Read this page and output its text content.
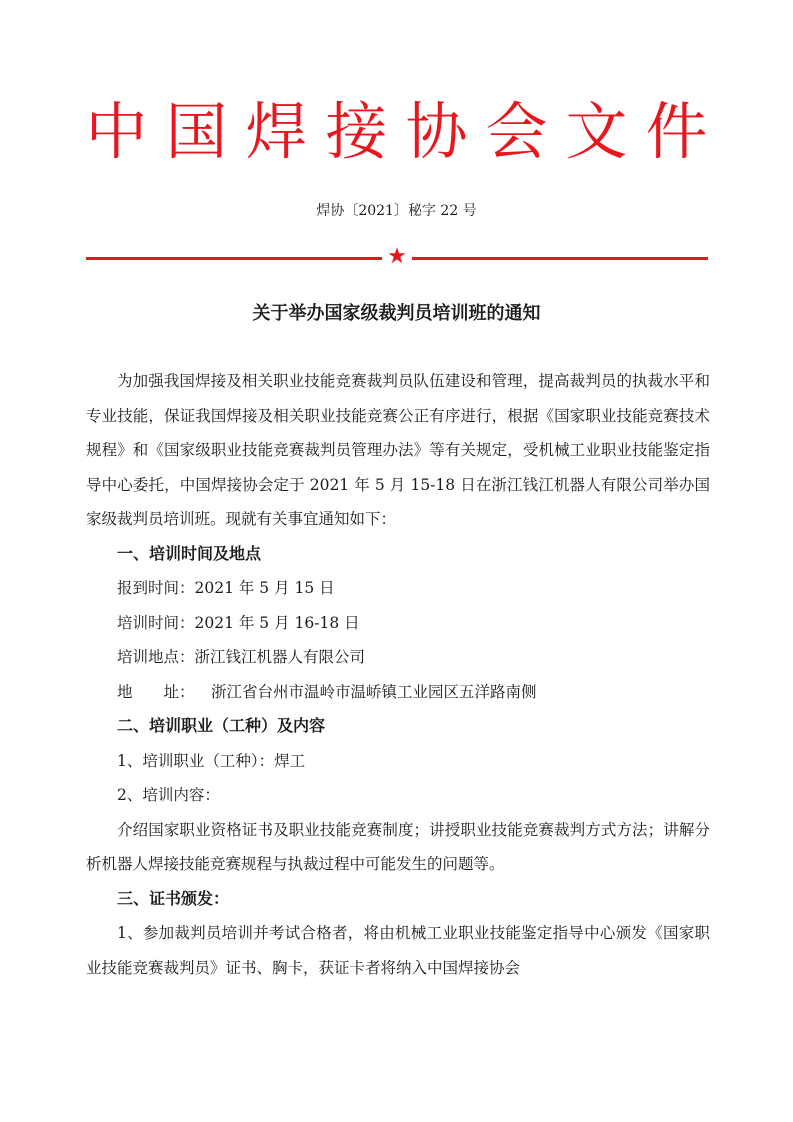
中国焊接协会文件
焊协〔2021〕秘字 22 号
★
关于举办国家级裁判员培训班的通知

为加强我国焊接及相关职业技能竞赛裁判员队伍建设和管理，提高裁判员的执裁水平和专业技能，保证我国焊接及相关职业技能竞赛公正有序进行，根据《国家职业技能竞赛技术规程》和《国家级职业技能竞赛裁判员管理办法》等有关规定，受机械工业职业技能鉴定指导中心委托，中国焊接协会定于 2021 年 5 月 15-18 日在浙江钱江机器人有限公司举办国家级裁判员培训班。现就有关事宜通知如下：

一、培训时间及地点

报到时间：2021 年 5 月 15 日

培训时间：2021 年 5 月 16-18 日

培训地点：浙江钱江机器人有限公司

地　　址： 浙江省台州市温岭市温峤镇工业园区五洋路南侧

二、培训职业（工种）及内容

1、培训职业（工种）：焊工

2、培训内容：

介绍国家职业资格证书及职业技能竞赛制度；讲授职业技能竞赛裁判方式方法；讲解分析机器人焊接技能竞赛规程与执裁过程中可能发生的问题等。

三、证书颁发：

1、参加裁判员培训并考试合格者，将由机械工业职业技能鉴定指导中心颁发《国家职业技能竞赛裁判员》证书、胸卡，获证卡者将纳入中国焊接协会
